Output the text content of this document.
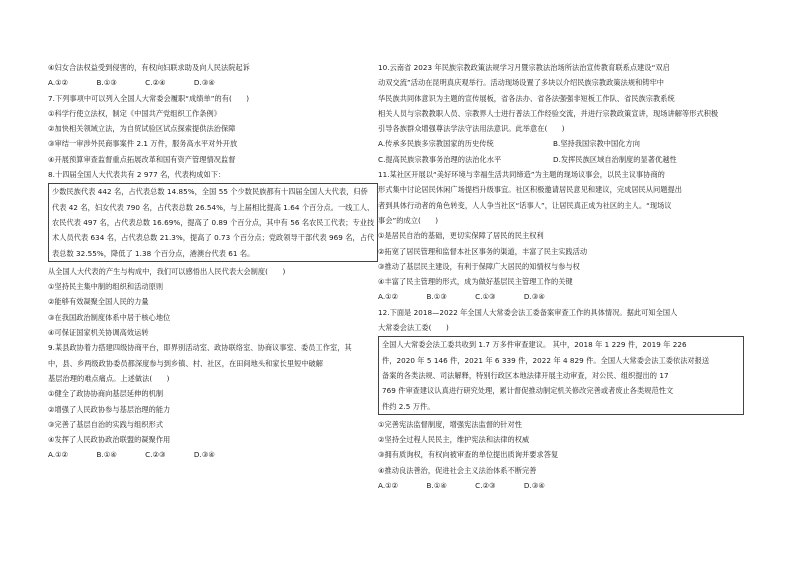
④妇女合法权益受到侵害的，有权向妇联求助及向人民法院起诉
A.①②	B.①③	C.②④	D.③④
7.下列事项中可以列入全国人大常委会履职“成绩单”的有(　　)
①科学行使立法权，制定《中国共产党组织工作条例》
②加快相关领域立法，为自贸试验区试点探索提供法治保障
③审结一审涉外民商事案件 2.1 万件，服务高水平对外开放
④开展预算审查监督重点拓展改革和国有资产管理情况监督
8.十四届全国人大代表共有 2 977 名，代表构成如下：
少数民族代表 442 名，占代表总数 14.85%，全国 55 个少数民族都有十四届全国人大代表，归侨
代表 42 名，妇女代表 790 名，占代表总数 26.54%，与上届相比提高 1.64 个百分点。一线工人、
农民代表 497 名，占代表总数 16.69%，提高了 0.89 个百分点，其中有 56 名农民工代表；专业技
术人员代表 634 名，占代表总数 21.3%，提高了 0.73 个百分点；党政领导干部代表 969 名，占代
表总数 32.55%，降低了 1.38 个百分点，港澳台代表 61 名。
从全国人大代表的产生与构成中，我们可以感悟出人民代表大会制度(　　)
①坚持民主集中制的组织和活动原则
②能够有效凝聚全国人民的力量
③在我国政治制度体系中居于核心地位
④可保证国家机关协调高效运转
9.某县政协着力搭建四级协商平台，即界别活动室、政协联络室、协商议事室、委员工作室，其
中，县、乡两级政协委员都深度参与到乡镇、村、社区，在田间地头和家长里短中破解
基层治理的难点痛点。上述做法(　　)
①健全了政协协商向基层延伸的机制
②增强了人民政协参与基层治理的能力
③完善了基层自治的实践与组织形式
④发挥了人民政协政治联盟的凝聚作用
A.①②	B.①④	C.②③	D.③④
10.云南省 2023 年民族宗教政策法规学习月暨宗教法治场所法治宣传教育联系点建设“双启
动双交流”活动在昆明真庆观举行。活动现场设置了多块以介绍民族宗教政策法规和铸牢中
华民族共同体意识为主题的宣传展板，省各法办、省各法强强非短板工作队、省民族宗教系统
相关人员与宗教教职人员、宗教界人士进行普法工作经验交流，并进行宗教政策宣讲，现场讲解等形式积极
引导各族群众增强尊法学法守法用法意识。此举意在(　　)
A.传承多民族多宗教国家的历史传统	B.坚持我国宗教中国化方向
C.提高民族宗教事务治理的法治化水平	D.发挥民族区域自治制度的显著优越性
11.某社区开展以“美好环境与幸福生活共同缔造”为主题的现场议事会，以民主议事协商的
形式集中讨论居民休闲广场提档升级事宜。社区积极邀请居民意见和建议，完成居民从问题提出
者到具体行动者的角色转变，人人争当社区“话事人”，让居民真正成为社区的主人。“现场议
事会”的成立(　　)
①是居民自治的基础，更切实保障了居民的民主权利
②拓宽了居民管理和监督本社区事务的渠道，丰富了民主实践活动
③推动了基层民主建设，有利于保障广大居民的知情权与参与权
④丰富了民主管理的形式，成为做好基层民主管理工作的关键
A.①②	B.①③	C.①③	D.③④
12.下面是 2018—2022 年全国人大常委会法工委备案审查工作的具体情况。据此可知全国人
大常委会法工委(　　)
全国人大常委会法工委共收到 1.7 万多件审查建议。 其中，2018 年 1 229 件，2019 年 226
件，2020 年 5 146 件，2021 年 6 339 件，2022 年 4 829 件。全国人大常委会法工委依法对报送
备案的各类法规、司法解释，特别行政区本地法律开展主动审查，对公民、组织提出的 17
769 件审查建议认真进行研究处理，累计督促推动制定机关修改完善或者废止各类规范性文
件约 2.5 万件。
①完善宪法监督制度，增强宪法监督的针对性
②坚持全过程人民民主，维护宪法和法律的权威
③拥有质询权，有权向被审查的单位提出质询并要求答复
④推动良法善治，促进社会主义法治体系不断完善
A.①②	B.①④	C.②③	D.③④
